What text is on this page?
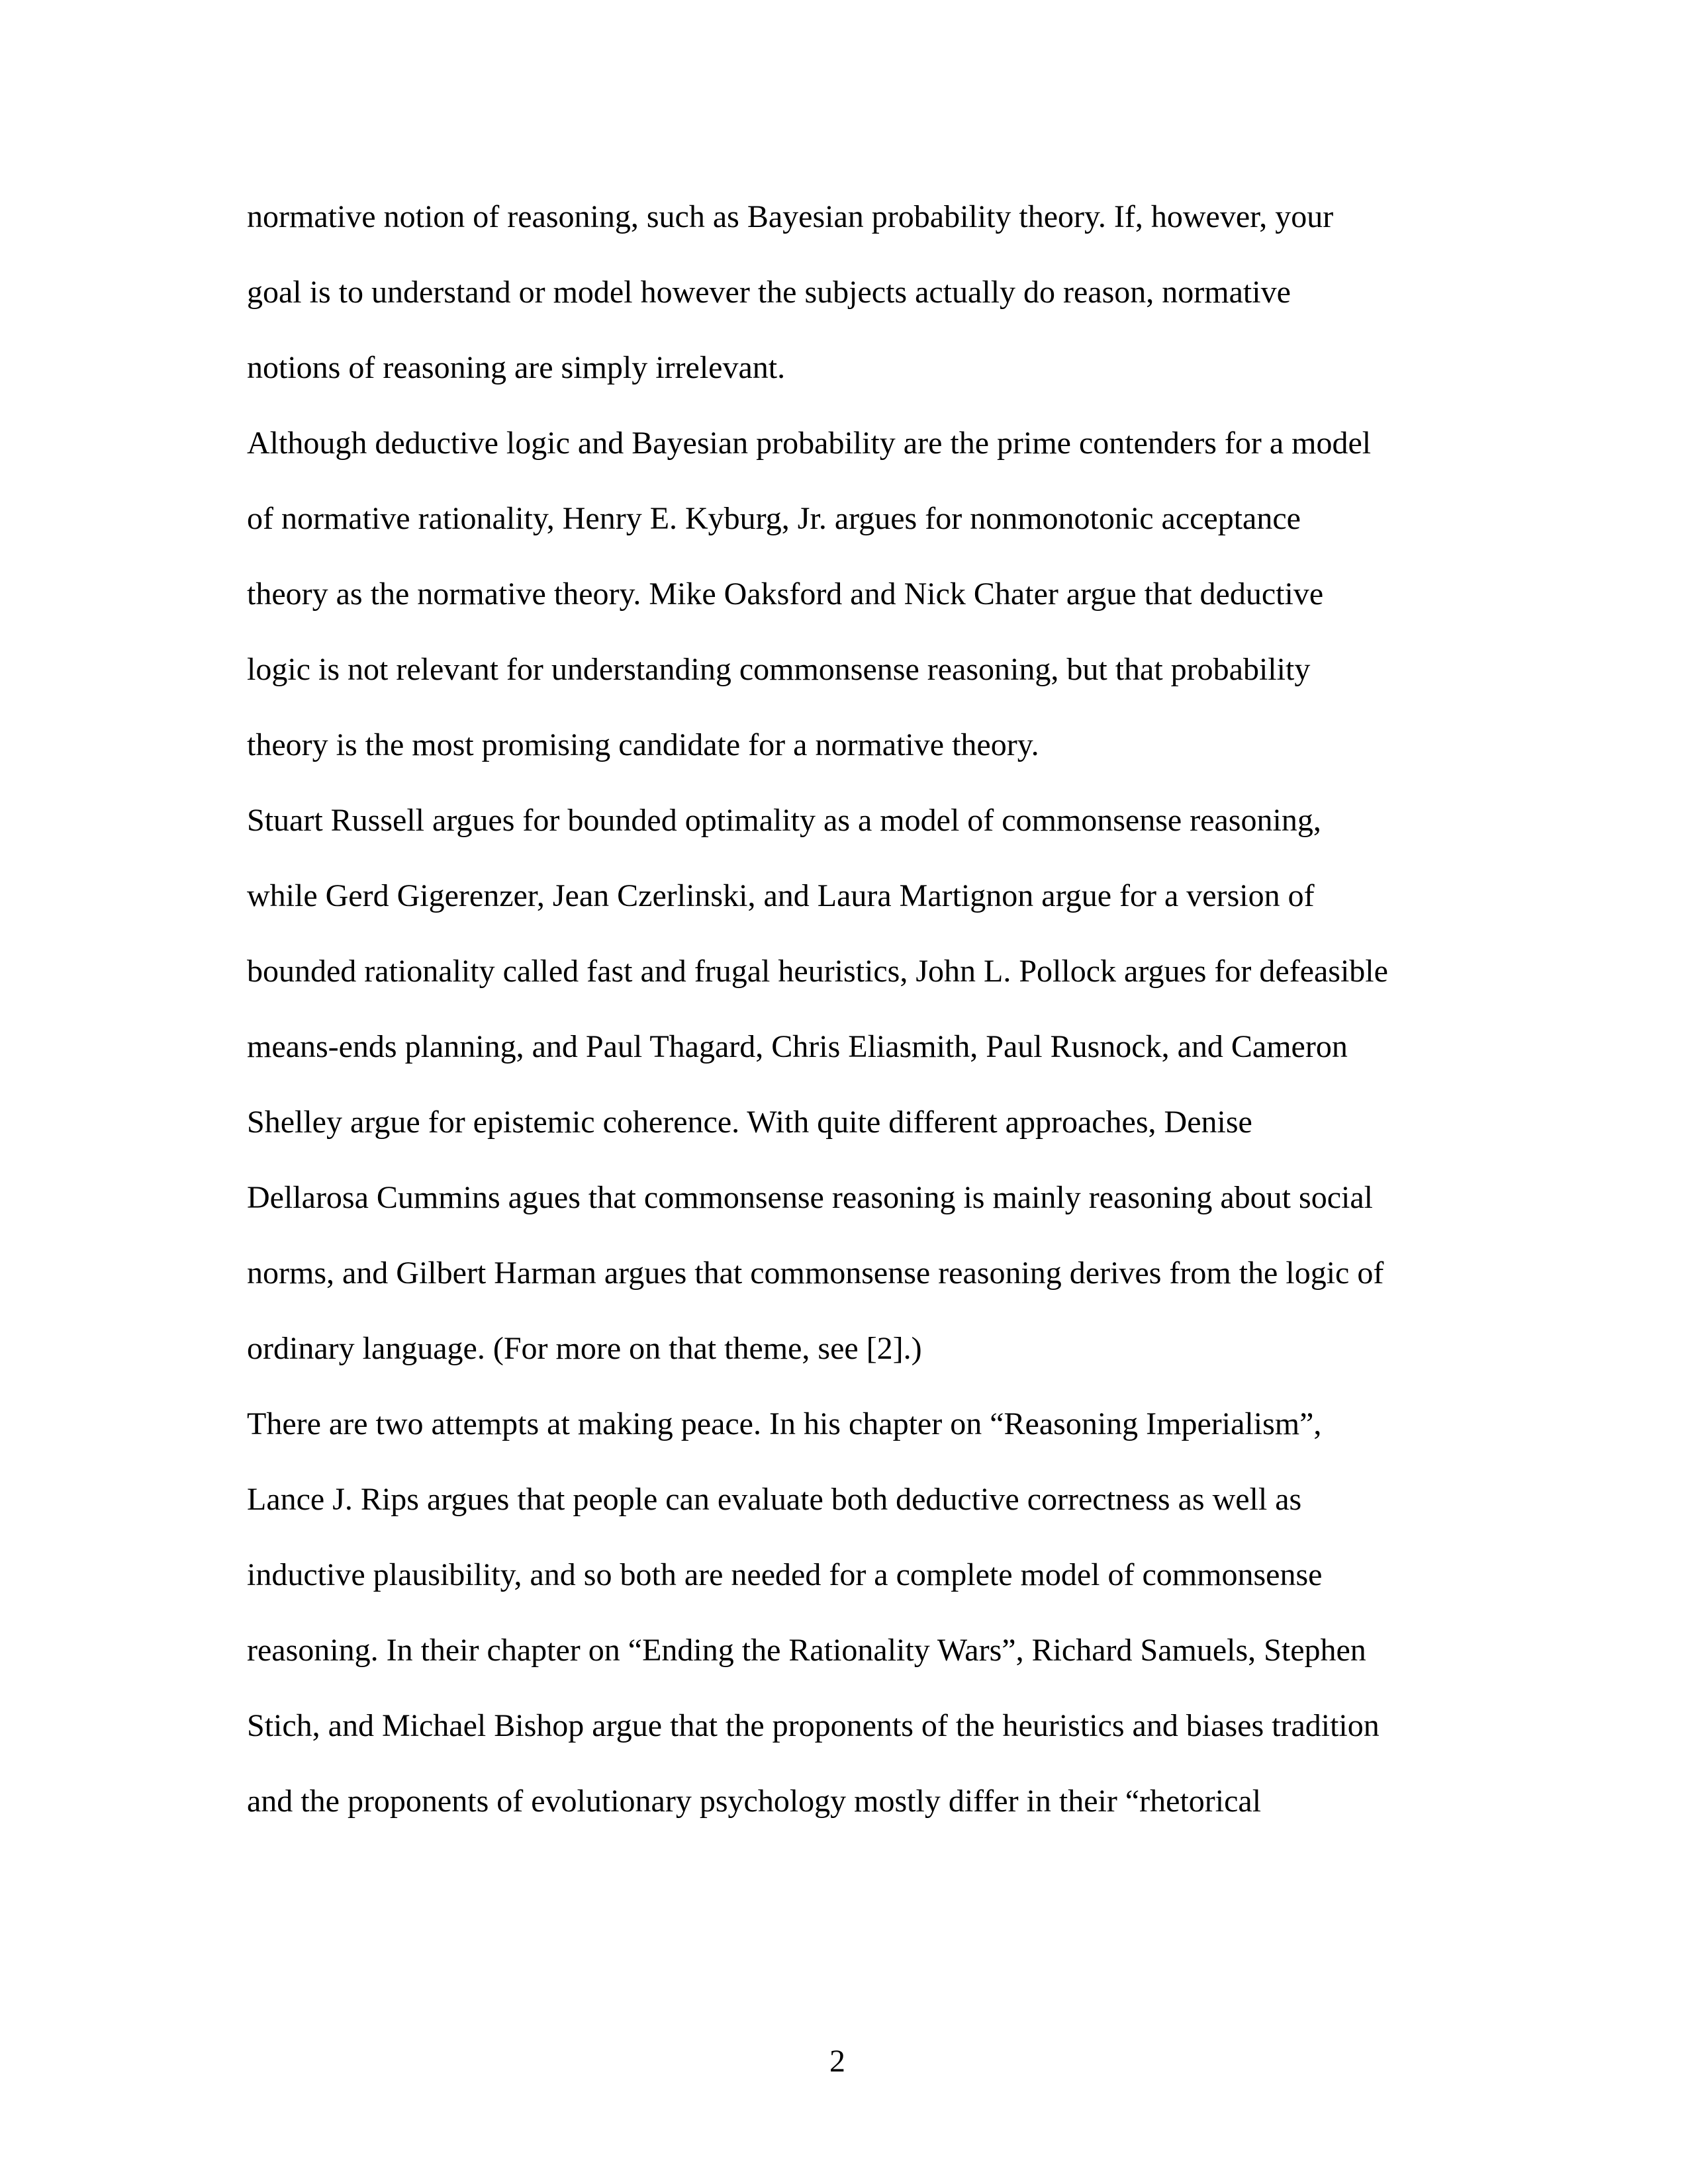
normative notion of reasoning, such as Bayesian probability theory. If, however, your
goal is to understand or model however the subjects actually do reason, normative
notions of reasoning are simply irrelevant.
Although deductive logic and Bayesian probability are the prime contenders for a model
of normative rationality, Henry E. Kyburg, Jr. argues for nonmonotonic acceptance
theory as the normative theory. Mike Oaksford and Nick Chater argue that deductive
logic is not relevant for understanding commonsense reasoning, but that probability
theory is the most promising candidate for a normative theory.
Stuart Russell argues for bounded optimality as a model of commonsense reasoning,
while Gerd Gigerenzer, Jean Czerlinski, and Laura Martignon argue for a version of
bounded rationality called fast and frugal heuristics, John L. Pollock argues for defeasible
means-ends planning, and Paul Thagard, Chris Eliasmith, Paul Rusnock, and Cameron
Shelley argue for epistemic coherence. With quite different approaches, Denise
Dellarosa Cummins agues that commonsense reasoning is mainly reasoning about social
norms, and Gilbert Harman argues that commonsense reasoning derives from the logic of
ordinary language. (For more on that theme, see [2].)
There are two attempts at making peace. In his chapter on “Reasoning Imperialism”,
Lance J. Rips argues that people can evaluate both deductive correctness as well as
inductive plausibility, and so both are needed for a complete model of commonsense
reasoning. In their chapter on “Ending the Rationality Wars”, Richard Samuels, Stephen
Stich, and Michael Bishop argue that the proponents of the heuristics and biases tradition
and the proponents of evolutionary psychology mostly differ in their “rhetorical
2
